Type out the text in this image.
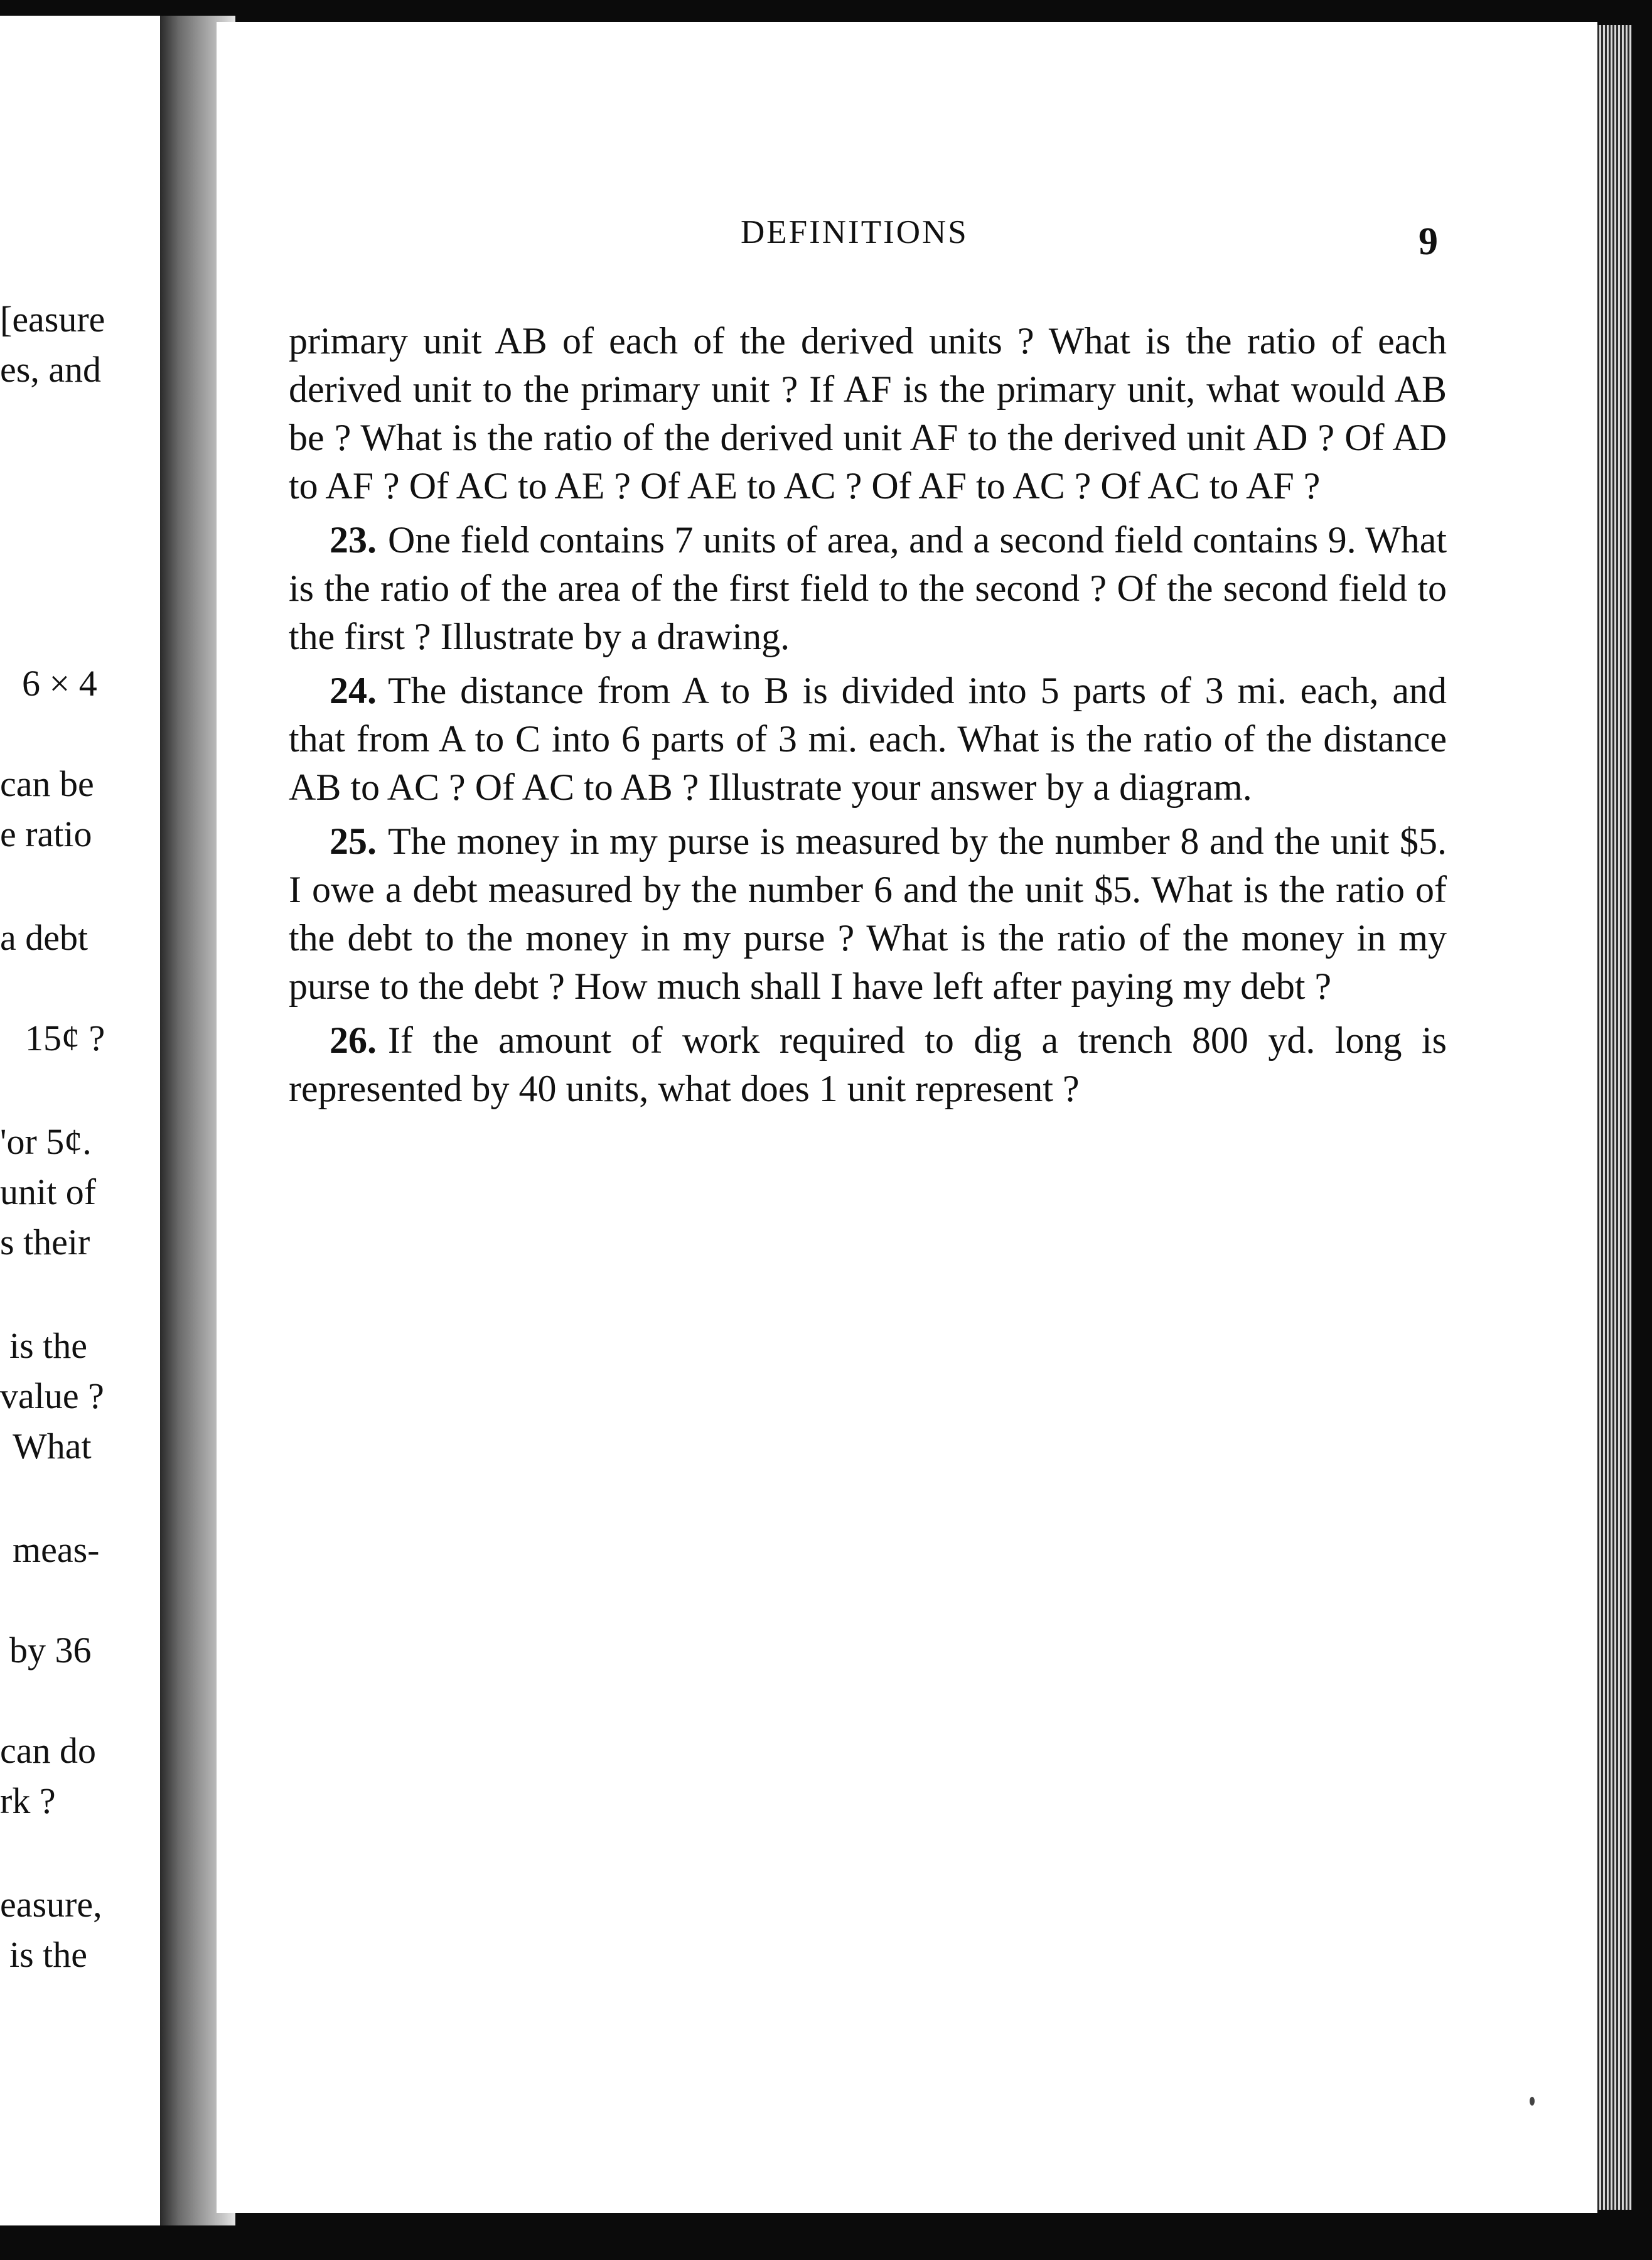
[easure
es, and
6 × 4
can be
e ratio
a debt
15¢ ?
'or 5¢.
unit of
s their
is the
value ?
What
meas-
by 36
can do
rk ?
easure,
is the
DEFINITIONS	9

primary unit AB of each of the derived units ? What is the ratio of each derived unit to the primary unit ? If AF is the primary unit, what would AB be ? What is the ratio of the derived unit AF to the derived unit AD ? Of AD to AF ? Of AC to AE ? Of AE to AC ? Of AF to AC ? Of AC to AF ?

23. One field contains 7 units of area, and a second field contains 9. What is the ratio of the area of the first field to the second ? Of the second field to the first ? Illustrate by a drawing.

24. The distance from A to B is divided into 5 parts of 3 mi. each, and that from A to C into 6 parts of 3 mi. each. What is the ratio of the distance AB to AC ? Of AC to AB ? Illustrate your answer by a diagram.

25. The money in my purse is measured by the number 8 and the unit $5. I owe a debt measured by the number 6 and the unit $5. What is the ratio of the debt to the money in my purse ? What is the ratio of the money in my purse to the debt ? How much shall I have left after paying my debt ?

26. If the amount of work required to dig a trench 800 yd. long is represented by 40 units, what does 1 unit represent ?
